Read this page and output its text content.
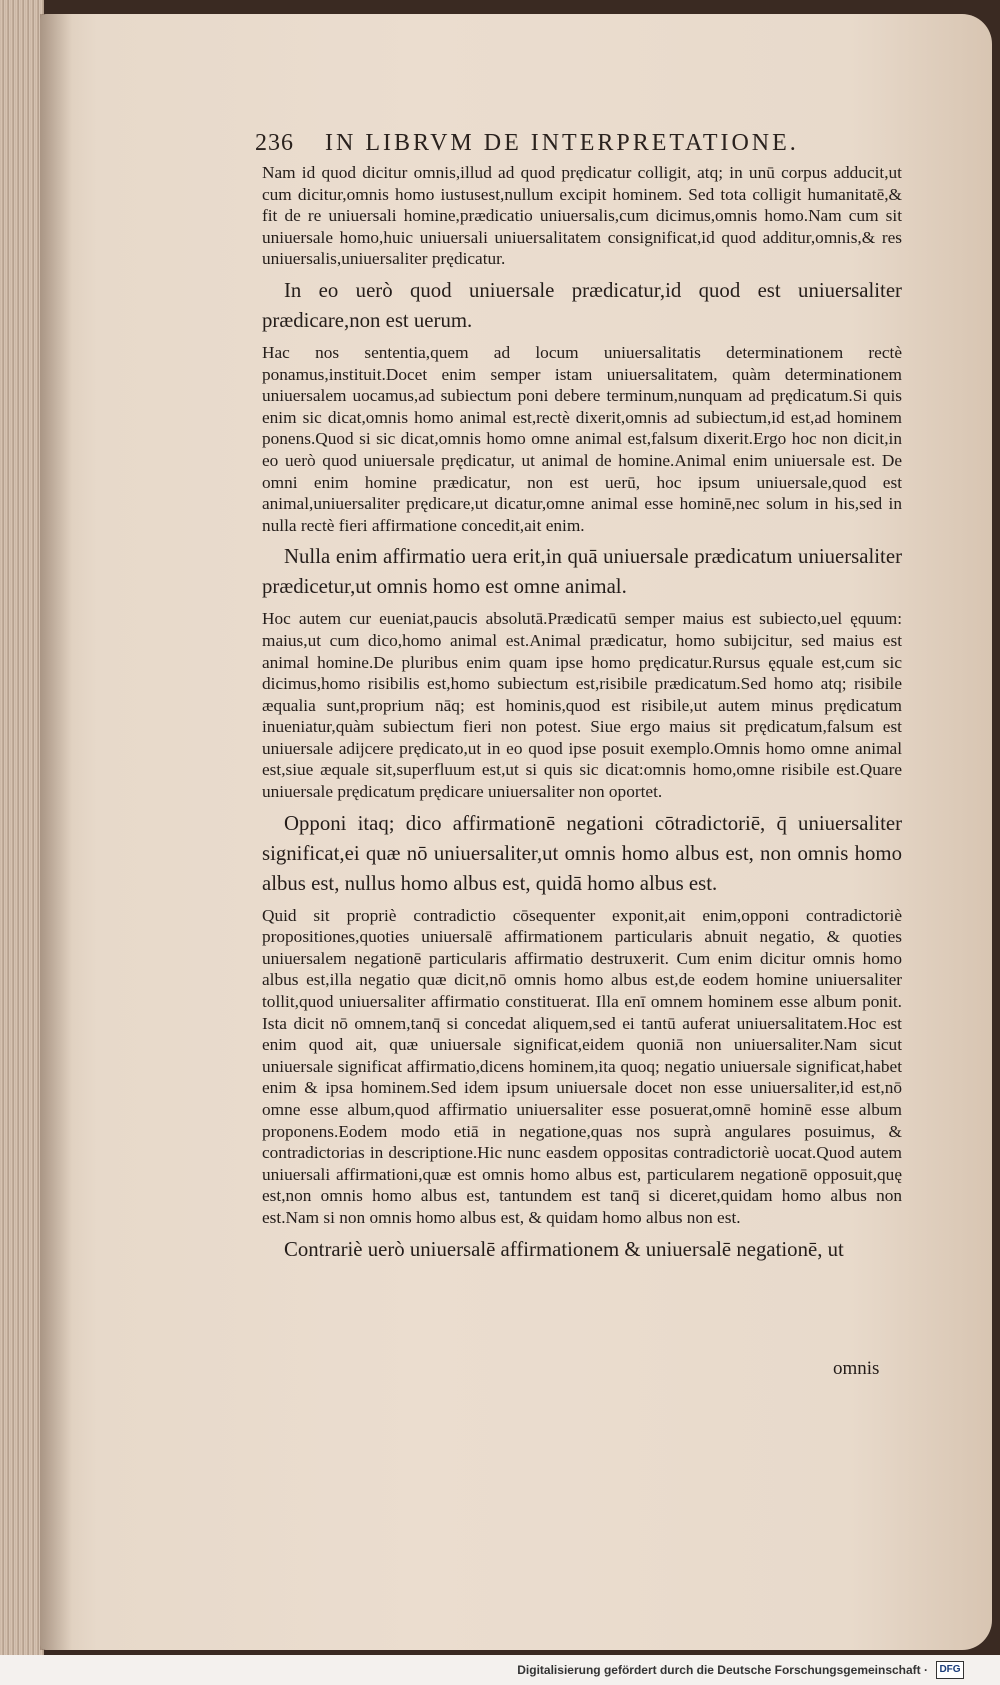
236 IN LIBRVM DE INTERPRETATIONE.

Nam id quod dicitur omnis,illud ad quod prędicatur colligit, atq; in unū corpus adducit,ut cum dicitur,omnis homo iustusest,nullum excipit hominem. Sed tota colligit humanitatē,& fit de re uniuersali homine,prædicatio uniuersalis,cum dicimus,omnis homo.Nam cum sit uniuersale homo,huic uniuersali uniuersalitatem consignificat,id quod additur,omnis,& res uniuersalis,uniuersaliter prędicatur.

In eo uerò quod uniuersale prædicatur,id quod est uniuersaliter prædicare,non est uerum.

Hac nos sententia,quem ad locum uniuersalitatis determinationem rectè ponamus,instituit.Docet enim semper istam uniuersalitatem, quàm determinationem uniuersalem uocamus,ad subiectum poni debere terminum,nunquam ad prędicatum.Si quis enim sic dicat,omnis homo animal est,rectè dixerit,omnis ad subiectum,id est,ad hominem ponens.Quod si sic dicat,omnis homo omne animal est,falsum dixerit.Ergo hoc non dicit,in eo uerò quod uniuersale prędicatur, ut animal de homine.Animal enim uniuersale est. De omni enim homine prædicatur, non est uerū, hoc ipsum uniuersale,quod est animal,uniuersaliter prędicare,ut dicatur,omne animal esse hominē,nec solum in his,sed in nulla rectè fieri affirmatione concedit,ait enim.

Nulla enim affirmatio uera erit,in quā uniuersale prædicatum uniuersaliter prædicetur,ut omnis homo est omne animal.

Hoc autem cur eueniat,paucis absolutā.Prædicatū semper maius est subiecto,uel ęquum: maius,ut cum dico,homo animal est.Animal prædicatur, homo subijcitur, sed maius est animal homine.De pluribus enim quam ipse homo prędicatur.Rursus ęquale est,cum sic dicimus,homo risibilis est,homo subiectum est,risibile prædicatum.Sed homo atq; risibile æqualia sunt,proprium nāq; est hominis,quod est risibile,ut autem minus prędicatum inueniatur,quàm subiectum fieri non potest. Siue ergo maius sit prędicatum,falsum est uniuersale adijcere prędicato,ut in eo quod ipse posuit exemplo.Omnis homo omne animal est,siue æquale sit,superfluum est,ut si quis sic dicat:omnis homo,omne risibile est.Quare uniuersale prędicatum prędicare uniuersaliter non oportet.

Opponi itaq; dico affirmationē negationi cōtradictoriē, q̄ uniuersaliter significat,ei quæ nō uniuersaliter,ut omnis homo albus est, non omnis homo albus est, nullus homo albus est, quidā homo albus est.

Quid sit propriè contradictio cōsequenter exponit,ait enim,opponi contradictoriè propositiones,quoties uniuersalē affirmationem particularis abnuit negatio, & quoties uniuersalem negationē particularis affirmatio destruxerit. Cum enim dicitur omnis homo albus est,illa negatio quæ dicit,nō omnis homo albus est,de eodem homine uniuersaliter tollit,quod uniuersaliter affirmatio constituerat. Illa enī omnem hominem esse album ponit. Ista dicit nō omnem,tanq̄ si concedat aliquem,sed ei tantū auferat uniuersalitatem.Hoc est enim quod ait, quæ uniuersale significat,eidem quoniā non uniuersaliter.Nam sicut uniuersale significat affirmatio,dicens hominem,ita quoq; negatio uniuersale significat,habet enim & ipsa hominem.Sed idem ipsum uniuersale docet non esse uniuersaliter,id est,nō omne esse album,quod affirmatio uniuersaliter esse posuerat,omnē hominē esse album proponens.Eodem modo etiā in negatione,quas nos suprà angulares posuimus, & contradictorias in descriptione.Hic nunc easdem oppositas contradictoriè uocat.Quod autem uniuersali affirmationi,quæ est omnis homo albus est, particularem negationē opposuit,quę est,non omnis homo albus est, tantundem est tanq̄ si diceret,quidam homo albus non est.Nam si non omnis homo albus est, & quidam homo albus non est.

Contrariè uerò uniuersalē affirmationem & uniuersalē negationē, ut

omnis
Digitalisierung gefördert durch die Deutsche Forschungsgemeinschaft ·	DFG
